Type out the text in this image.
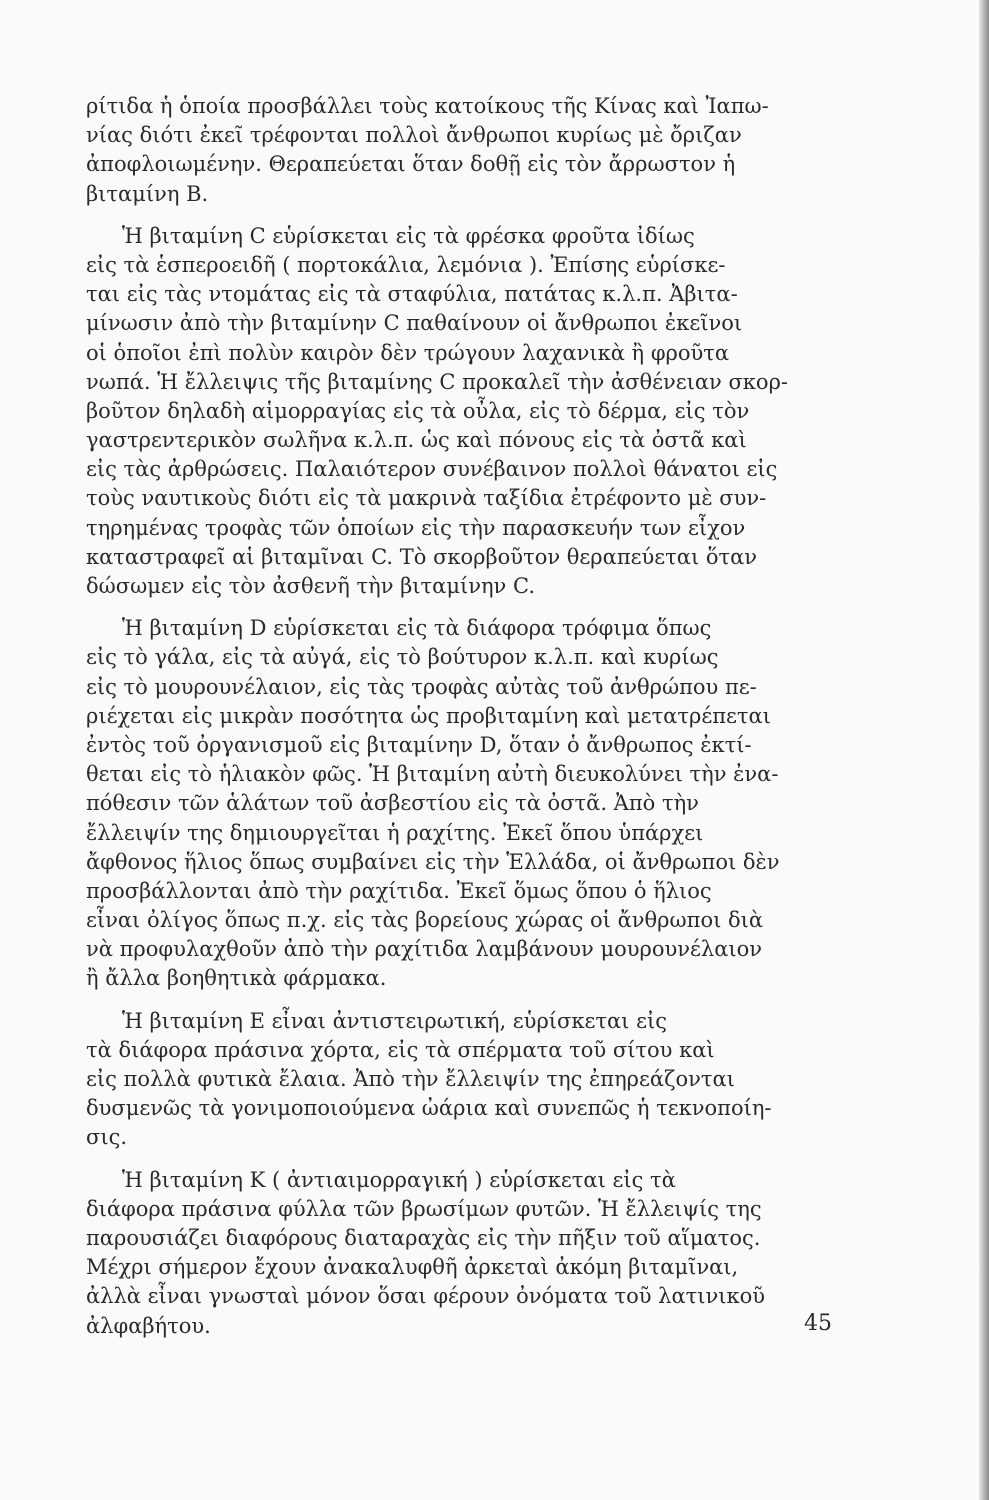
ρίτιδα ἡ ὁποία προσβάλλει τοὺς κατοίκους τῆς Κίνας καὶ Ἰαπω-
νίας διότι ἐκεῖ τρέφονται πολλοὶ ἄνθρωποι κυρίως μὲ ὄριζαν
ἀποφλοιωμένην. Θεραπεύεται ὅταν δοθῇ εἰς τὸν ἄρρωστον ἡ
βιταμίνη Β.
Ἡ βιταμίνη C εὑρίσκεται εἰς τὰ φρέσκα φροῦτα ἰδίως
εἰς τὰ ἑσπεροειδῆ ( πορτοκάλια, λεμόνια ). Ἐπίσης εὑρίσκε-
ται εἰς τὰς ντομάτας εἰς τὰ σταφύλια, πατάτας κ.λ.π. Ἀβιτα-
μίνωσιν ἀπὸ τὴν βιταμίνην C παθαίνουν οἱ ἄνθρωποι ἐκεῖνοι
οἱ ὁποῖοι ἐπὶ πολὺν καιρὸν δὲν τρώγουν λαχανικὰ ἢ φροῦτα
νωπά. Ἡ ἔλλειψις τῆς βιταμίνης C προκαλεῖ τὴν ἀσθένειαν σκορ-
βοῦτον δηλαδὴ αἱμορραγίας εἰς τὰ οὖλα, εἰς τὸ δέρμα, εἰς τὸν
γαστρεντερικὸν σωλῆνα κ.λ.π. ὡς καὶ πόνους εἰς τὰ ὀστᾶ καὶ
εἰς τὰς ἀρθρώσεις. Παλαιότερον συνέβαινον πολλοὶ θάνατοι εἰς
τοὺς ναυτικοὺς διότι εἰς τὰ μακρινὰ ταξίδια ἐτρέφοντο μὲ συν-
τηρημένας τροφὰς τῶν ὁποίων εἰς τὴν παρασκευήν των εἶχον
καταστραφεῖ αἱ βιταμῖναι C. Τὸ σκορβοῦτον θεραπεύεται ὅταν
δώσωμεν εἰς τὸν ἀσθενῆ τὴν βιταμίνην C.
Ἡ βιταμίνη D εὑρίσκεται εἰς τὰ διάφορα τρόφιμα ὅπως
εἰς τὸ γάλα, εἰς τὰ αὐγά, εἰς τὸ βούτυρον κ.λ.π. καὶ κυρίως
εἰς τὸ μουρουνέλαιον, εἰς τὰς τροφὰς αὐτὰς τοῦ ἀνθρώπου πε-
ριέχεται εἰς μικρὰν ποσότητα ὡς προβιταμίνη καὶ μετατρέπεται
ἐντὸς τοῦ ὀργανισμοῦ εἰς βιταμίνην D, ὅταν ὁ ἄνθρωπος ἐκτί-
θεται εἰς τὸ ἡλιακὸν φῶς. Ἡ βιταμίνη αὐτὴ διευκολύνει τὴν ἐνα-
πόθεσιν τῶν ἁλάτων τοῦ ἀσβεστίου εἰς τὰ ὀστᾶ. Ἀπὸ τὴν
ἔλλειψίν της δημιουργεῖται ἡ ραχίτης. Ἐκεῖ ὅπου ὑπάρχει
ἄφθονος ἥλιος ὅπως συμβαίνει εἰς τὴν Ἑλλάδα, οἱ ἄνθρωποι δὲν
προσβάλλονται ἀπὸ τὴν ραχίτιδα. Ἐκεῖ ὅμως ὅπου ὁ ἥλιος
εἶναι ὀλίγος ὅπως π.χ. εἰς τὰς βορείους χώρας οἱ ἄνθρωποι διὰ
νὰ προφυλαχθοῦν ἀπὸ τὴν ραχίτιδα λαμβάνουν μουρουνέλαιον
ἢ ἄλλα βοηθητικὰ φάρμακα.
Ἡ βιταμίνη Ε εἶναι ἀντιστειρωτική, εὑρίσκεται εἰς
τὰ διάφορα πράσινα χόρτα, εἰς τὰ σπέρματα τοῦ σίτου καὶ
εἰς πολλὰ φυτικὰ ἔλαια. Ἀπὸ τὴν ἔλλειψίν της ἐπηρεάζονται
δυσμενῶς τὰ γονιμοποιούμενα ὠάρια καὶ συνεπῶς ἡ τεκνοποίη-
σις.
Ἡ βιταμίνη Κ ( ἀντιαιμορραγική ) εὑρίσκεται εἰς τὰ
διάφορα πράσινα φύλλα τῶν βρωσίμων φυτῶν. Ἡ ἔλλειψίς της
παρουσιάζει διαφόρους διαταραχὰς εἰς τὴν πῆξιν τοῦ αἵματος.
Μέχρι σήμερον ἔχουν ἀνακαλυφθῆ ἀρκεταὶ ἀκόμη βιταμῖναι,
ἀλλὰ εἶναι γνωσταὶ μόνον ὅσαι φέρουν ὀνόματα τοῦ λατινικοῦ
ἀλφαβήτου.	45
